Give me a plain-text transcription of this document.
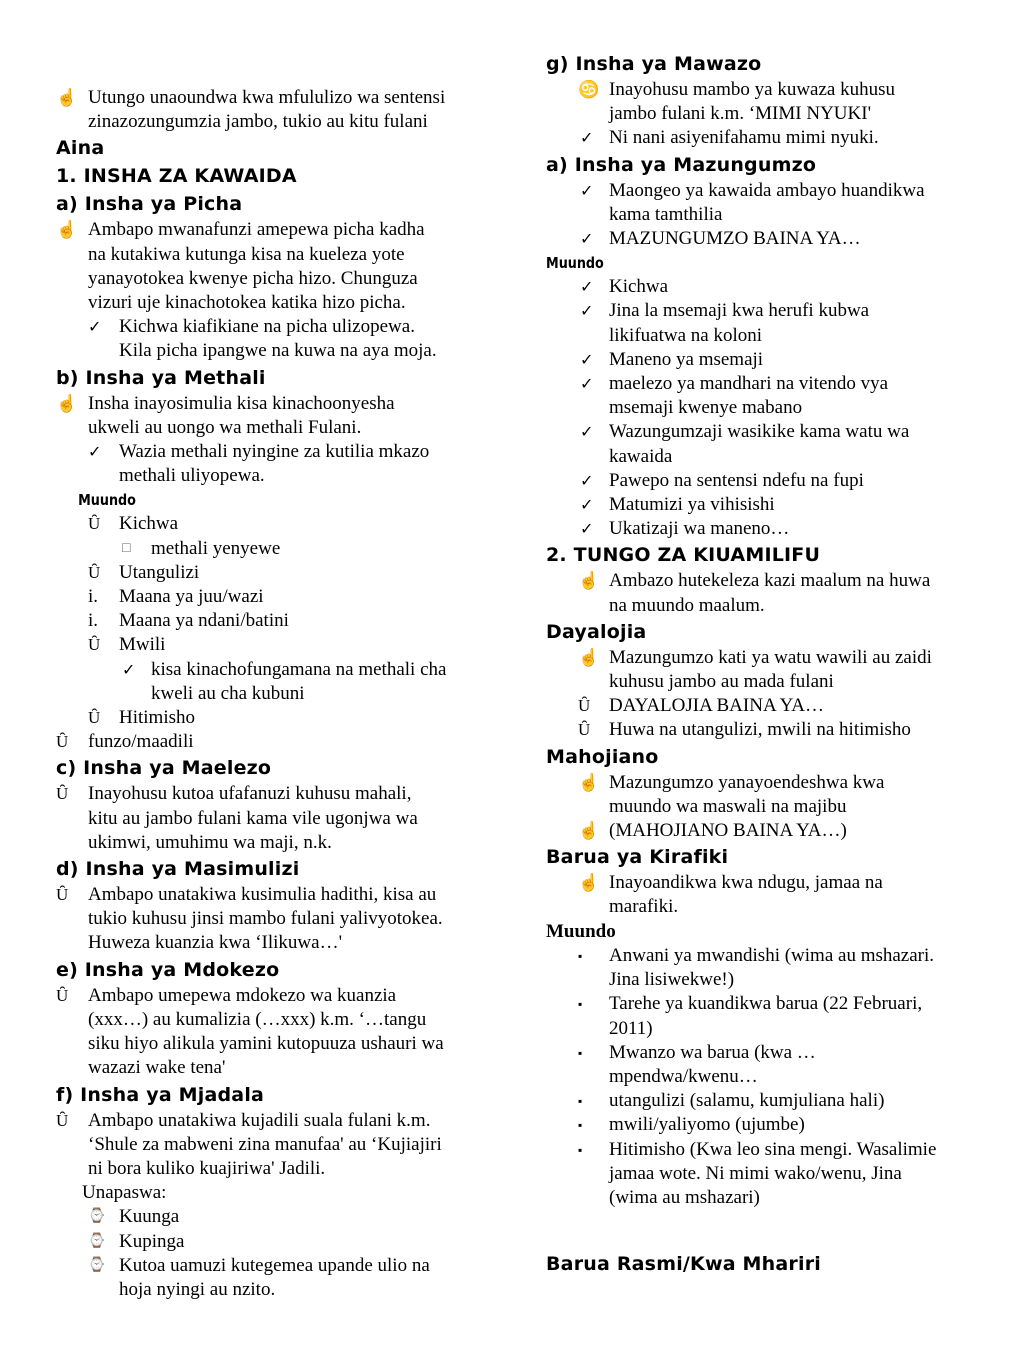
☝ Utungo unaoundwa kwa mfululizo wa sentensi
zinazozungumzia jambo, tukio au kitu fulani
Aina
1. INSHA ZA KAWAIDA
a) Insha ya Picha
☝ Ambapo mwanafunzi amepewa picha kadha
na kutakiwa kutunga kisa na kueleza yote
yanayotokea kwenye picha hizo. Chunguza
vizuri uje kinachotokea katika hizo picha.
✓ Kichwa kiafikiane na picha ulizopewa.
Kila picha ipangwe na kuwa na aya moja.
b) Insha ya Methali
☝ Insha inayosimulia kisa kinachoonyesha
ukweli au uongo wa methali Fulani.
✓ Wazia methali nyingine za kutilia mkazo
methali uliyopewa.
Muundo
Ȗ Kichwa
□ methali yenyewe
Ȗ Utangulizi
i. Maana ya juu/wazi
i. Maana ya ndani/batini
Ȗ Mwili
✓ kisa kinachofungamana na methali cha
kweli au cha kubuni
Ȗ Hitimisho
Ȗ funzo/maadili
c) Insha ya Maelezo
Ȗ Inayohusu kutoa ufafanuzi kuhusu mahali,
kitu au jambo fulani kama vile ugonjwa wa
ukimwi, umuhimu wa maji, n.k.
d) Insha ya Masimulizi
Ȗ Ambapo unatakiwa kusimulia hadithi, kisa au
tukio kuhusu jinsi mambo fulani yalivyotokea.
Huweza kuanzia kwa ‘Ilikuwa…'
e) Insha ya Mdokezo
Ȗ Ambapo umepewa mdokezo wa kuanzia
(xxx…) au kumalizia (…xxx) k.m. ‘…tangu
siku hiyo alikula yamini kutopuuza ushauri wa
wazazi wake tena'
f) Insha ya Mjadala
Ȗ Ambapo unatakiwa kujadili suala fulani k.m.
‘Shule za mabweni zina manufaa' au ‘Kujiajiri
ni bora kuliko kuajiriwa' Jadili.
Unapaswa:
⌚ Kuunga
⌚ Kupinga
⌚ Kutoa uamuzi kutegemea upande ulio na
hoja nyingi au nzito.
g) Insha ya Mawazo
♋ Inayohusu mambo ya kuwaza kuhusu
jambo fulani k.m. ‘MIMI NYUKI'
✓ Ni nani asiyenifahamu mimi nyuki.
a) Insha ya Mazungumzo
✓ Maongeo ya kawaida ambayo huandikwa
kama tamthilia
✓ MAZUNGUMZO BAINA YA…
Muundo
✓ Kichwa
✓ Jina la msemaji kwa herufi kubwa
likifuatwa na koloni
✓ Maneno ya msemaji
✓ maelezo ya mandhari na vitendo vya
msemaji kwenye mabano
✓ Wazungumzaji wasikike kama watu wa
kawaida
✓ Pawepo na sentensi ndefu na fupi
✓ Matumizi ya vihisishi
✓ Ukatizaji wa maneno…
2. TUNGO ZA KIUAMILIFU
☝ Ambazo hutekeleza kazi maalum na huwa
na muundo maalum.
Dayalojia
☝ Mazungumzo kati ya watu wawili au zaidi
kuhusu jambo au mada fulani
Ȗ DAYALOJIA BAINA YA…
Ȗ Huwa na utangulizi, mwili na hitimisho
Mahojiano
☝ Mazungumzo yanayoendeshwa kwa
muundo wa maswali na majibu
☝ (MAHOJIANO BAINA YA…)
Barua ya Kirafiki
☝ Inayoandikwa kwa ndugu, jamaa na
marafiki.
Muundo
▪ Anwani ya mwandishi (wima au mshazari.
Jina lisiwekwe!)
▪ Tarehe ya kuandikwa barua (22 Februari,
2011)
▪ Mwanzo wa barua (kwa …
mpendwa/kwenu…
▪ utangulizi (salamu, kumjuliana hali)
▪ mwili/yaliyomo (ujumbe)
▪ Hitimisho (Kwa leo sina mengi. Wasalimie
jamaa wote. Ni mimi wako/wenu, Jina
(wima au mshazari)
Barua Rasmi/Kwa Mhariri
